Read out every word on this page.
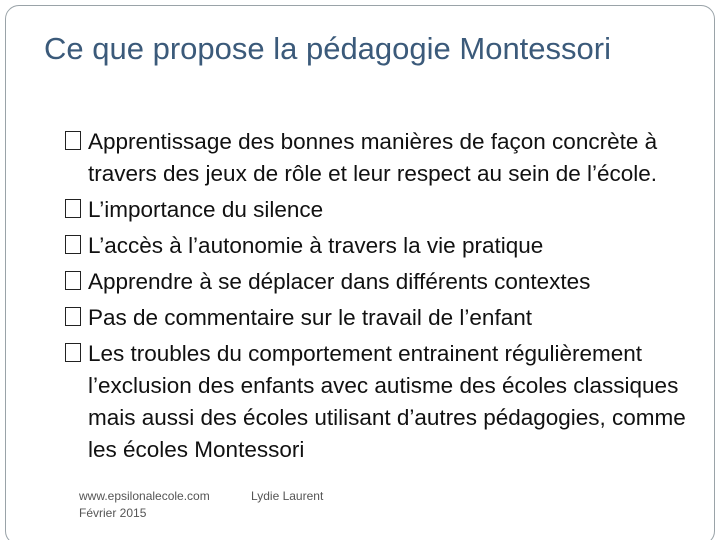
Ce que propose la pédagogie Montessori
Apprentissage des bonnes manières de façon concrète à travers des jeux de rôle et leur respect au sein de l’école.
L’importance du silence
L’accès à l’autonomie à travers la vie pratique
Apprendre à se déplacer dans différents contextes
Pas de commentaire sur le travail de l’enfant
Les troubles du comportement entrainent régulièrement l’exclusion des enfants avec autisme des écoles classiques mais aussi des écoles utilisant d’autres pédagogies, comme les écoles Montessori
www.epsilonalecole.com	Lydie Laurent
Février 2015
